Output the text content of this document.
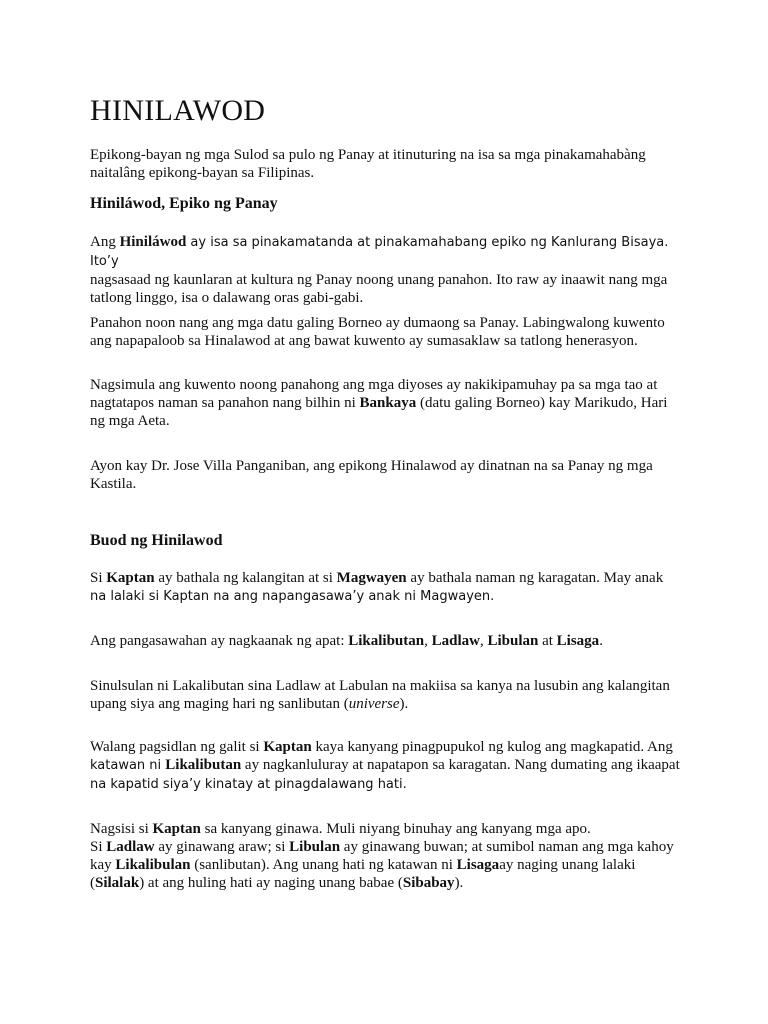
HINILAWOD

Epikong-bayan ng mga Sulod sa pulo ng Panay at itinuturing na isa sa mga pinakamahabàng
naitalâng epikong-bayan sa Filipinas.

Hiniláwod, Epiko ng Panay

Ang Hiniláwod ay isa sa pinakamatanda at pinakamahabang epiko ng Kanlurang Bisaya. Ito’y
nagsasaad ng kaunlaran at kultura ng Panay noong unang panahon. Ito raw ay inaawit nang mga
tatlong linggo, isa o dalawang oras gabi-gabi.

Panahon noon nang ang mga datu galing Borneo ay dumaong sa Panay. Labingwalong kuwento
ang napapaloob sa Hinalawod at ang bawat kuwento ay sumasaklaw sa tatlong henerasyon.

Nagsimula ang kuwento noong panahong ang mga diyoses ay nakikipamuhay pa sa mga tao at
nagtatapos naman sa panahon nang bilhin ni Bankaya (datu galing Borneo) kay Marikudo, Hari
ng mga Aeta.

Ayon kay Dr. Jose Villa Panganiban, ang epikong Hinalawod ay dinatnan na sa Panay ng mga
Kastila.

Buod ng Hinilawod

Si Kaptan ay bathala ng kalangitan at si Magwayen ay bathala naman ng karagatan. May anak
na lalaki si Kaptan na ang napangasawa’y anak ni Magwayen.

Ang pangasawahan ay nagkaanak ng apat: Likalibutan, Ladlaw, Libulan at Lisaga.

Sinulsulan ni Lakalibutan sina Ladlaw at Labulan na makiisa sa kanya na lusubin ang kalangitan
upang siya ang maging hari ng sanlibutan (universe).

Walang pagsidlan ng galit si Kaptan kaya kanyang pinagpupukol ng kulog ang magkapatid. Ang
katawan ni Likalibutan ay nagkanluluray at napatapon sa karagatan. Nang dumating ang ikaapat
na kapatid siya’y kinatay at pinagdalawang hati.

Nagsisi si Kaptan sa kanyang ginawa. Muli niyang binuhay ang kanyang mga apo.
Si Ladlaw ay ginawang araw; si Libulan ay ginawang buwan; at sumibol naman ang mga kahoy
kay Likalibulan (sanlibutan). Ang unang hati ng katawan ni Lisagaay naging unang lalaki
(Silalak) at ang huling hati ay naging unang babae (Sibabay).
